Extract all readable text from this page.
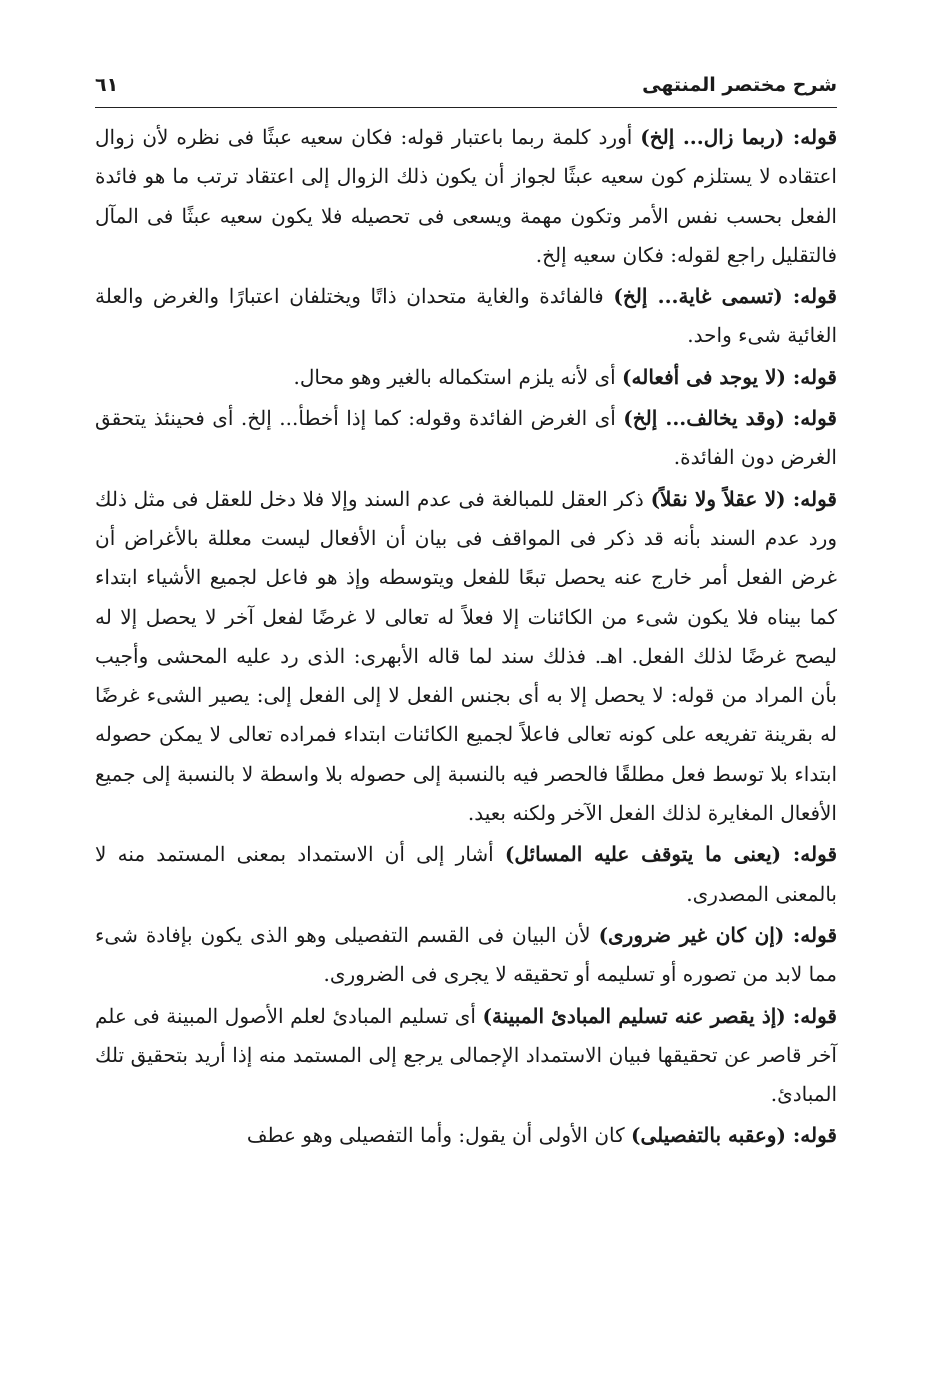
شرح مختصر المنتهى
٦١

قوله: (ربما زال... إلخ) أورد كلمة ربما باعتبار قوله: فكان سعيه عبثًا فى نظره لأن زوال اعتقاده لا يستلزم كون سعيه عبثًا لجواز أن يكون ذلك الزوال إلى اعتقاد ترتب ما هو فائدة الفعل بحسب نفس الأمر وتكون مهمة ويسعى فى تحصيله فلا يكون سعيه عبثًا فى المآل فالتقليل راجع لقوله: فكان سعيه إلخ.

قوله: (تسمى غاية... إلخ) فالفائدة والغاية متحدان ذاتًا ويختلفان اعتبارًا والغرض والعلة الغائية شىء واحد.

قوله: (لا يوجد فى أفعاله) أى لأنه يلزم استكماله بالغير وهو محال.

قوله: (وقد يخالف... إلخ) أى الغرض الفائدة وقوله: كما إذا أخطأ... إلخ. أى فحينئذ يتحقق الغرض دون الفائدة.

قوله: (لا عقلاً ولا نقلاً) ذكر العقل للمبالغة فى عدم السند وإلا فلا دخل للعقل فى مثل ذلك ورد عدم السند بأنه قد ذكر فى المواقف فى بيان أن الأفعال ليست معللة بالأغراض أن غرض الفعل أمر خارج عنه يحصل تبعًا للفعل ويتوسطه وإذ هو فاعل لجميع الأشياء ابتداء كما بيناه فلا يكون شىء من الكائنات إلا فعلاً له تعالى لا غرضًا لفعل آخر لا يحصل إلا له ليصح غرضًا لذلك الفعل. اهـ. فذلك سند لما قاله الأبهرى: الذى رد عليه المحشى وأجيب بأن المراد من قوله: لا يحصل إلا به أى بجنس الفعل لا إلى الفعل إلى: يصير الشىء غرضًا له بقرينة تفريعه على كونه تعالى فاعلاً لجميع الكائنات ابتداء فمراده تعالى لا يمكن حصوله ابتداء بلا توسط فعل مطلقًا فالحصر فيه بالنسبة إلى حصوله بلا واسطة لا بالنسبة إلى جميع الأفعال المغايرة لذلك الفعل الآخر ولكنه بعيد.

قوله: (يعنى ما يتوقف عليه المسائل) أشار إلى أن الاستمداد بمعنى المستمد منه لا بالمعنى المصدرى.

قوله: (إن كان غير ضرورى) لأن البيان فى القسم التفصيلى وهو الذى يكون بإفادة شىء مما لابد من تصوره أو تسليمه أو تحقيقه لا يجرى فى الضرورى.

قوله: (إذ يقصر عنه تسليم المبادئ المبينة) أى تسليم المبادئ لعلم الأصول المبينة فى علم آخر قاصر عن تحقيقها فبيان الاستمداد الإجمالى يرجع إلى المستمد منه إذا أريد بتحقيق تلك المبادئ.

قوله: (وعقبه بالتفصيلى) كان الأولى أن يقول: وأما التفصيلى وهو عطف
